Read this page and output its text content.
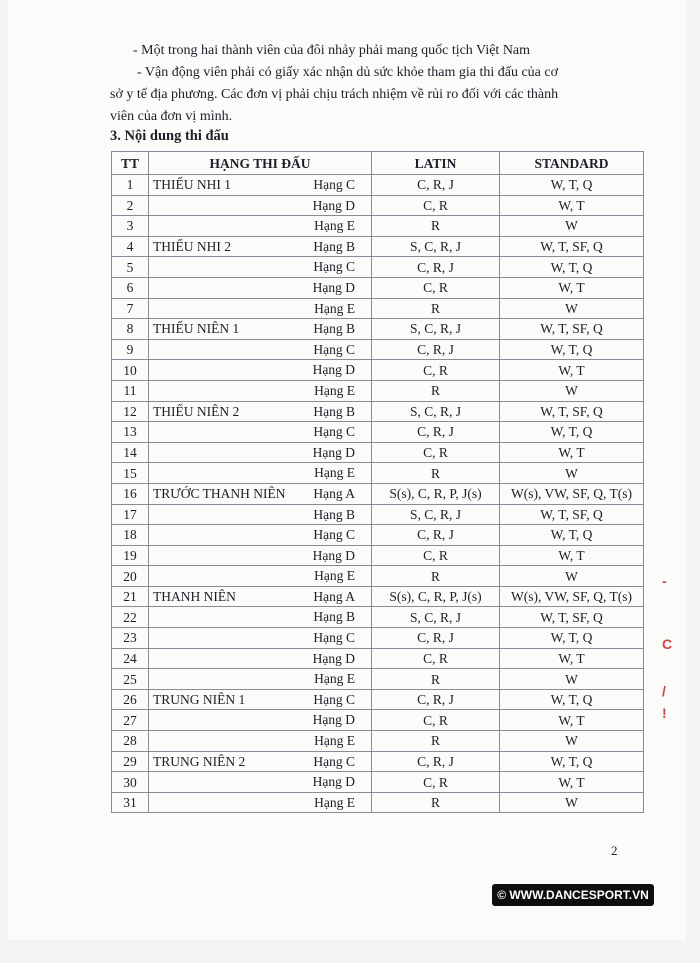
- Một trong hai thành viên của đôi nhảy phải mang quốc tịch Việt Nam
- Vận động viên phải có giấy xác nhận dủ sức khỏe tham gia thi đấu của cơ
sở y tế địa phương. Các đơn vị phải chịu trách nhiệm về rủi ro đối với các thành
viên của đơn vị mình.
3. Nội dung thi đấu
TT	HẠNG THI ĐẤU	LATIN	STANDARD
1	THIẾU NHI 1 Hạng C	C, R, J	W, T, Q
2	Hạng D	C, R	W, T
3	Hạng E	R	W
4	THIẾU NHI 2 Hạng B	S, C, R, J	W, T, SF, Q
5	Hạng C	C, R, J	W, T, Q
6	Hạng D	C, R	W, T
7	Hạng E	R	W
8	THIẾU NIÊN 1 Hạng B	S, C, R, J	W, T, SF, Q
9	Hạng C	C, R, J	W, T, Q
10	Hạng D	C, R	W, T
11	Hạng E	R	W
12	THIẾU NIÊN 2 Hạng B	S, C, R, J	W, T, SF, Q
13	Hạng C	C, R, J	W, T, Q
14	Hạng D	C, R	W, T
15	Hạng E	R	W
16	TRƯỚC THANH NIÊN Hạng A	S(s), C, R, P, J(s)	W(s), VW, SF, Q, T(s)
17	Hạng B	S, C, R, J	W, T, SF, Q
18	Hạng C	C, R, J	W, T, Q
19	Hạng D	C, R	W, T
20	Hạng E	R	W
21	THANH NIÊN Hạng A	S(s), C, R, P, J(s)	W(s), VW, SF, Q, T(s)
22	Hạng B	S, C, R, J	W, T, SF, Q
23	Hạng C	C, R, J	W, T, Q
24	Hạng D	C, R	W, T
25	Hạng E	R	W
26	TRUNG NIÊN 1 Hạng C	C, R, J	W, T, Q
27	Hạng D	C, R	W, T
28	Hạng E	R	W
29	TRUNG NIÊN 2 Hạng C	C, R, J	W, T, Q
30	Hạng D	C, R	W, T
31	Hạng E	R	W
2
-
C
/
!
© WWW.DANCESPORT.VN
